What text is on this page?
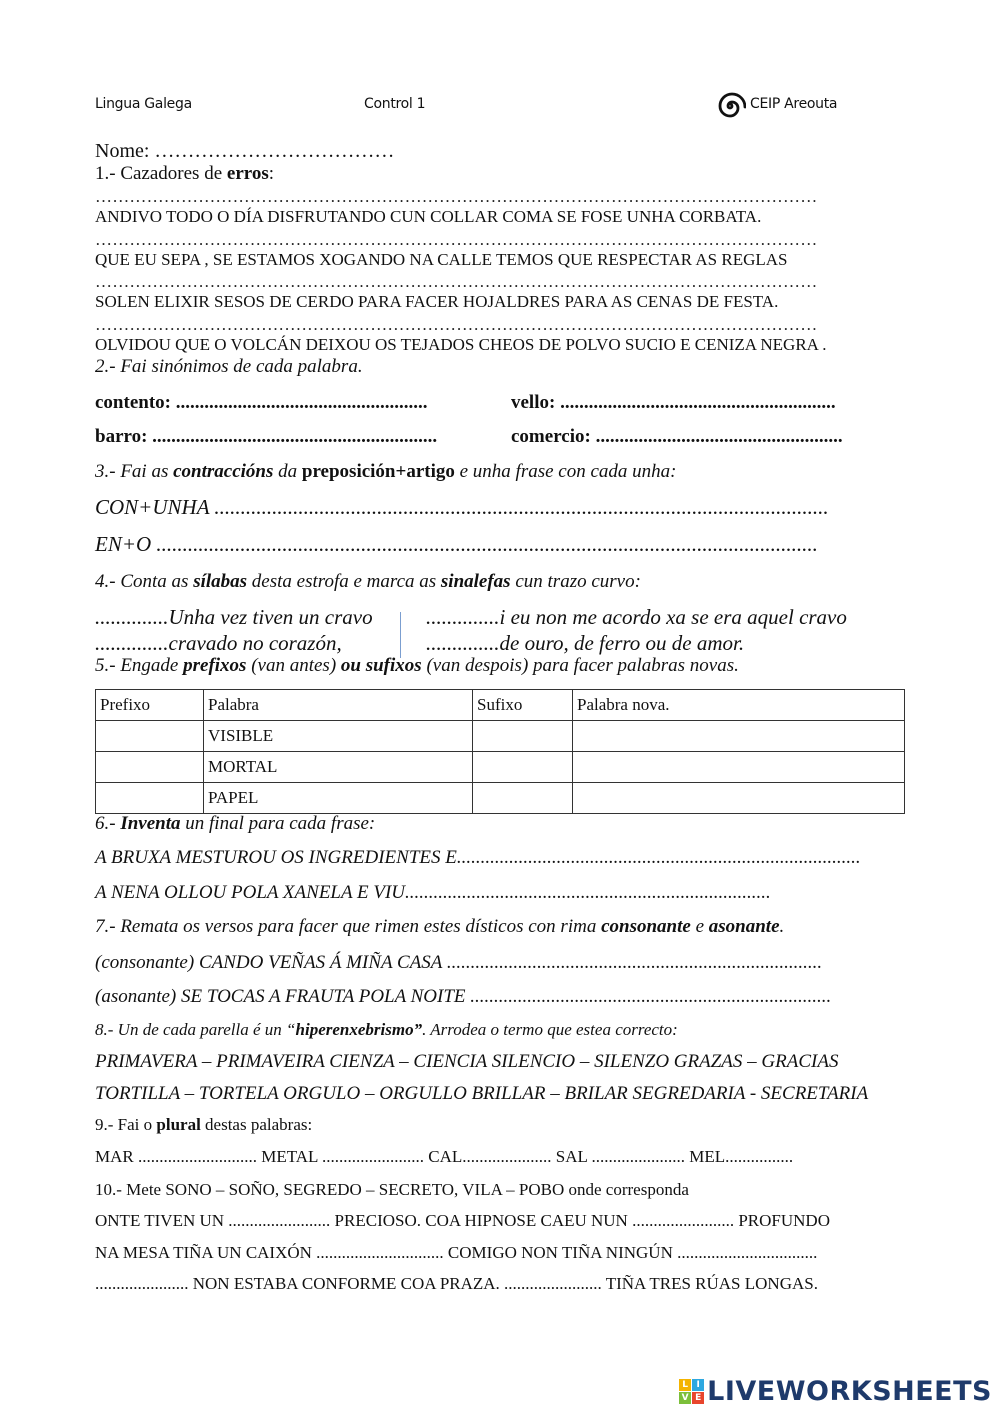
Lingua Galega	Control 1	CEIP Areouta
Nome: ………………………………
1.- Cazadores de erros:
………………………………………………………………………………………………………………
ANDIVO TODO O DÍA DISFRUTANDO CUN COLLAR COMA SE FOSE UNHA CORBATA.
………………………………………………………………………………………………………………
QUE EU SEPA , SE ESTAMOS XOGANDO NA CALLE TEMOS QUE RESPECTAR AS REGLAS
………………………………………………………………………………………………………………
SOLEN ELIXIR SESOS DE CERDO PARA FACER HOJALDRES PARA AS CENAS DE FESTA.
………………………………………………………………………………………………………………
OLVIDOU QUE O VOLCÁN DEIXOU OS TEJADOS CHEOS DE POLVO SUCIO E CENIZA NEGRA .
2.- Fai sinónimos de cada palabra.
contento: .....................................................	vello: ..........................................................
barro: ............................................................	comercio: ....................................................
3.- Fai as contraccións da preposición+artigo e unha frase con cada unha:
CON+UNHA .....................................................................................................................
EN+O ..............................................................................................................................
4.- Conta as sílabas desta estrofa e marca as sinalefas cun trazo curvo:
..............Unha vez tiven un cravo
..............cravado no corazón,
..............i eu non me acordo xa se era aquel cravo
..............de ouro, de ferro ou de amor.
5.- Engade prefixos (van antes) ou sufixos (van despois) para facer palabras novas.
Prefixo	Palabra	Sufixo	Palabra nova.
	VISIBLE		
	MORTAL		
	PAPEL		
6.- Inventa un final para cada frase:
A BRUXA MESTUROU OS INGREDIENTES E.....................................................................................
A NENA OLLOU POLA XANELA E VIU.............................................................................
7.- Remata os versos para facer que rimen estes dísticos con rima consonante e asonante.
(consonante) CANDO VEÑAS Á MIÑA CASA ...............................................................................
(asonante) SE TOCAS A FRAUTA POLA NOITE ............................................................................
8.- Un de cada parella é un “hiperenxebrismo”. Arrodea o termo que estea correcto:
PRIMAVERA – PRIMAVEIRA CIENZA – CIENCIA SILENCIO – SILENZO GRAZAS – GRACIAS
TORTILLA – TORTELA ORGULO – ORGULLO BRILLAR – BRILAR SEGREDARIA - SECRETARIA
9.- Fai o plural destas palabras:
MAR ............................ METAL ........................ CAL..................... SAL ...................... MEL................
10.- Mete SONO – SOÑO, SEGREDO – SECRETO, VILA – POBO onde corresponda
ONTE TIVEN UN ........................ PRECIOSO. COA HIPNOSE CAEU NUN ........................ PROFUNDO
NA MESA TIÑA UN CAIXÓN .............................. COMIGO NON TIÑA NINGÚN .................................
...................... NON ESTABA CONFORME COA PRAZA. ....................... TIÑA TRES RÚAS LONGAS.
L I
V E LIVEWORKSHEETS
